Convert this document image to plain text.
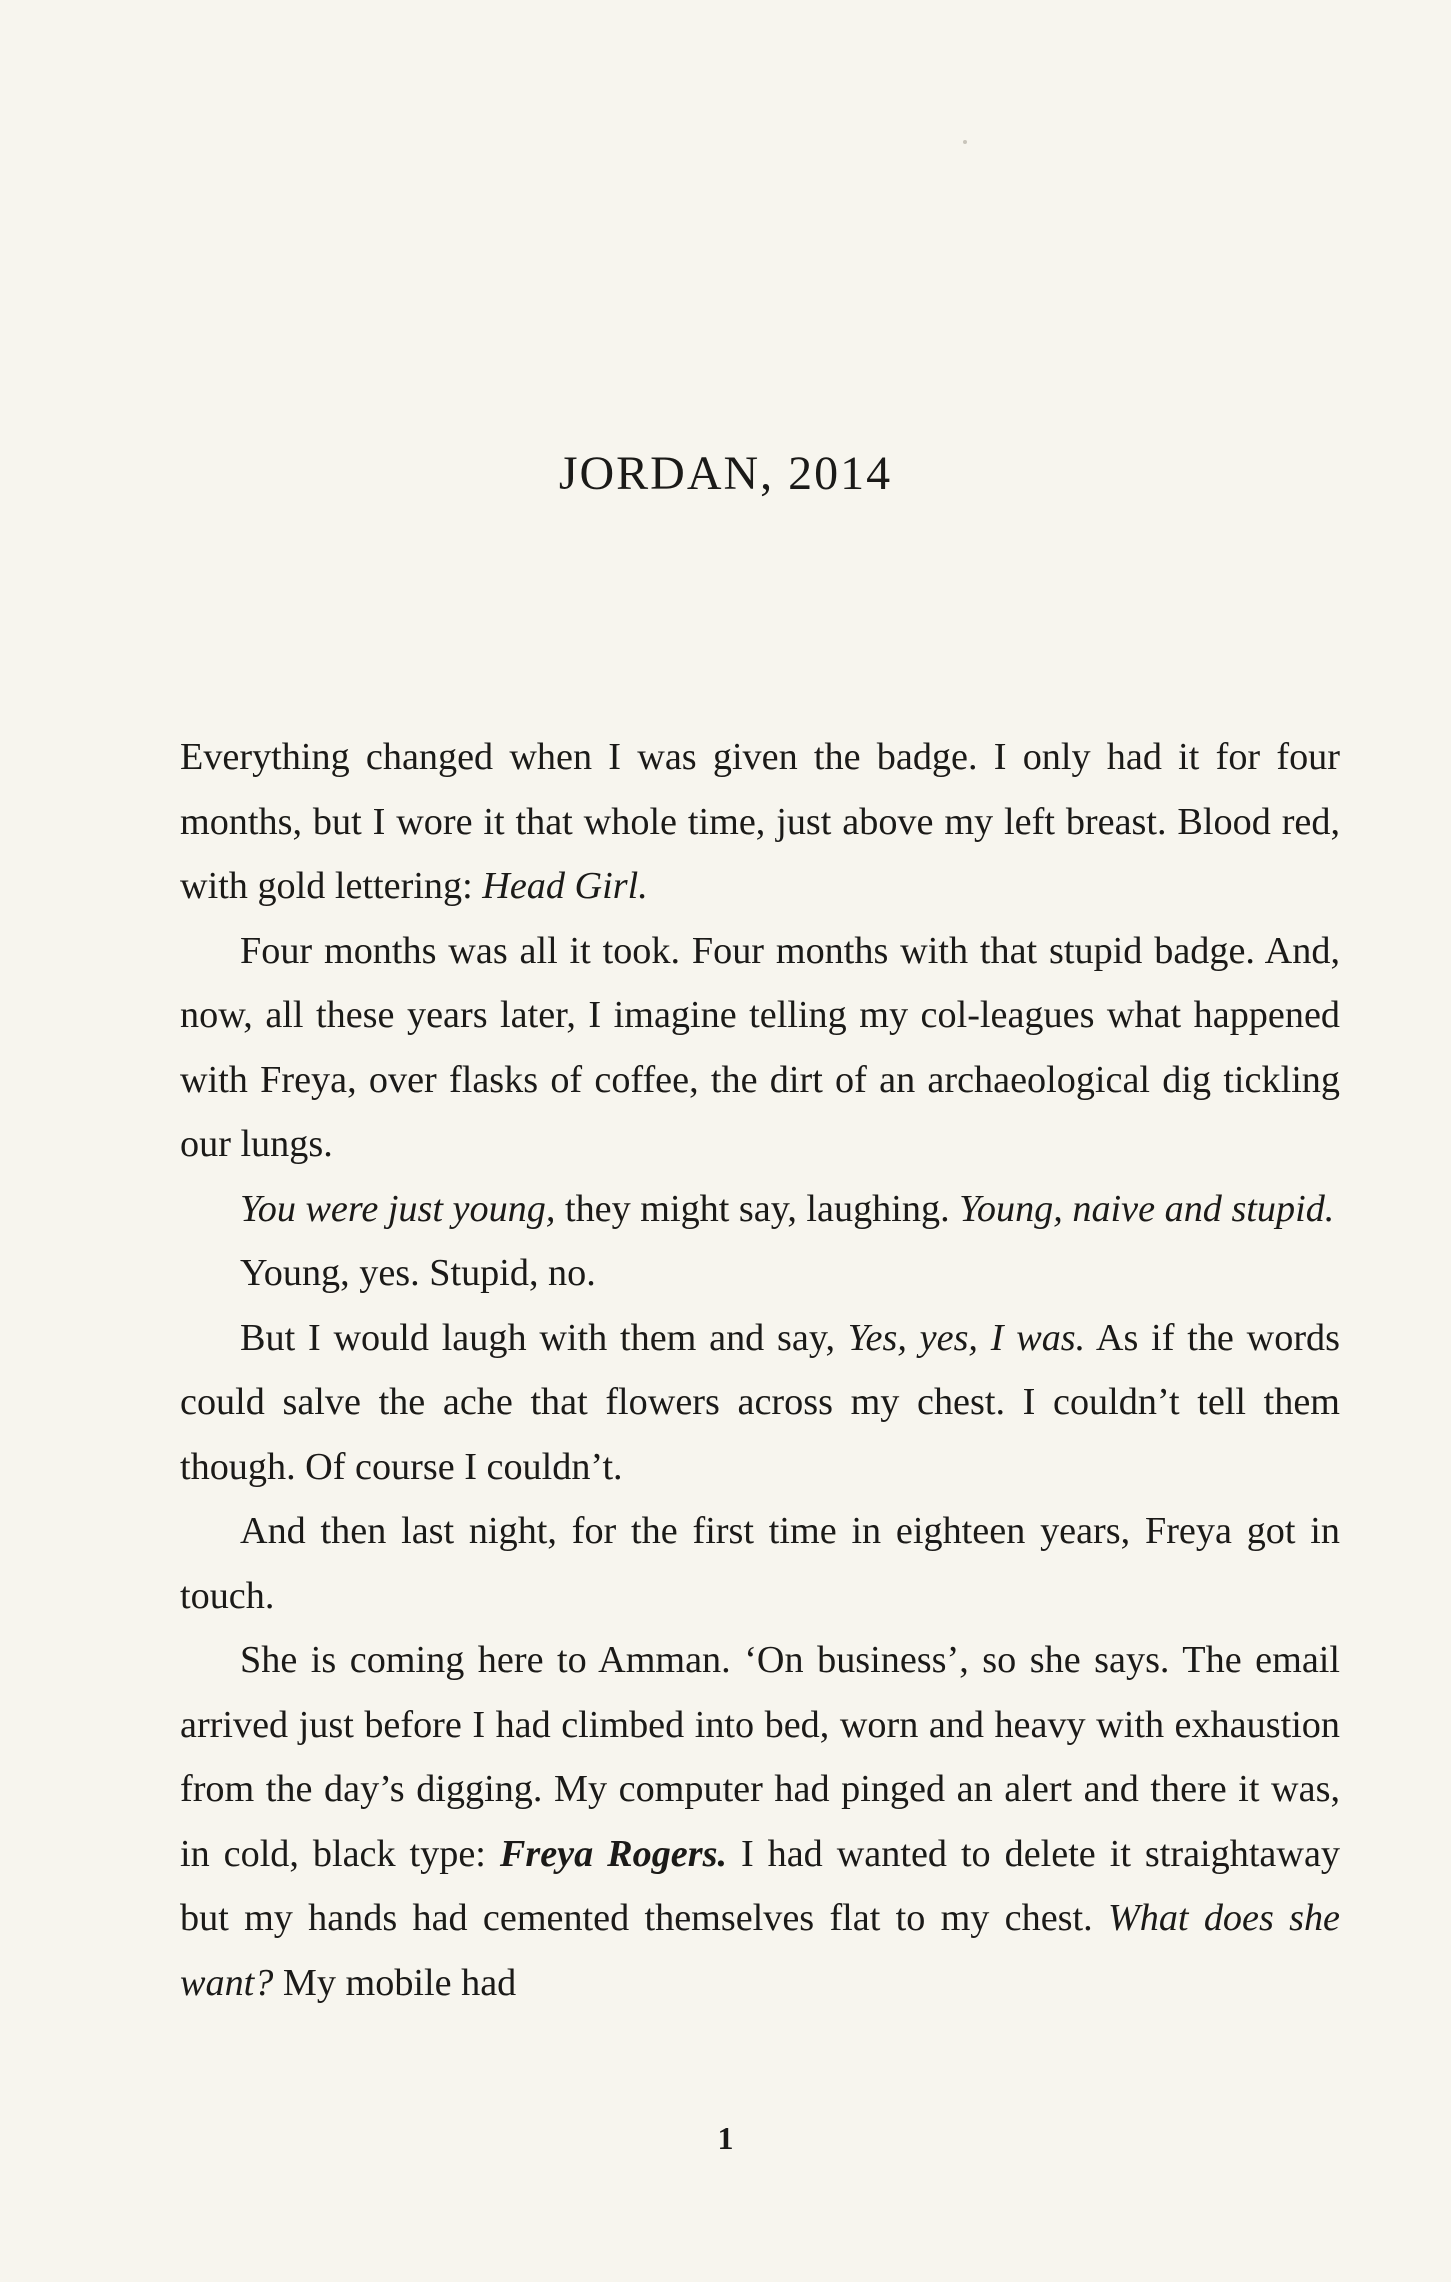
JORDAN, 2014

Everything changed when I was given the badge. I only had it for four months, but I wore it that whole time, just above my left breast. Blood red, with gold lettering: Head Girl.

Four months was all it took. Four months with that stupid badge. And, now, all these years later, I imagine telling my col-leagues what happened with Freya, over flasks of coffee, the dirt of an archaeological dig tickling our lungs.

You were just young, they might say, laughing. Young, naive and stupid.

Young, yes. Stupid, no.

But I would laugh with them and say, Yes, yes, I was. As if the words could salve the ache that flowers across my chest. I couldn’t tell them though. Of course I couldn’t.

And then last night, for the first time in eighteen years, Freya got in touch.

She is coming here to Amman. ‘On business’, so she says. The email arrived just before I had climbed into bed, worn and heavy with exhaustion from the day’s digging. My computer had pinged an alert and there it was, in cold, black type: Freya Rogers. I had wanted to delete it straightaway but my hands had cemented themselves flat to my chest. What does she want? My mobile had

1
